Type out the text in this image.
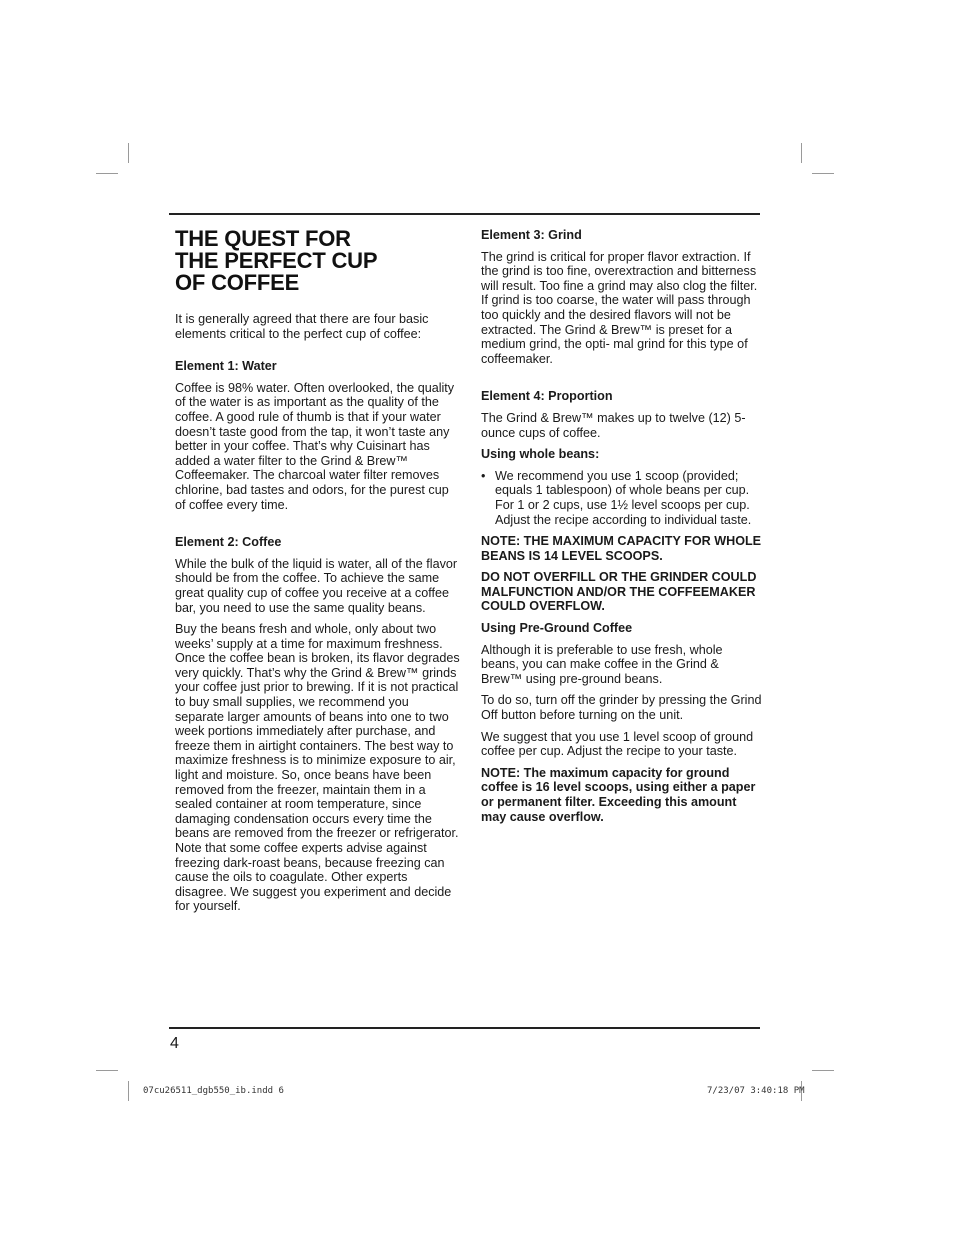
THE QUEST FOR
THE PERFECT CUP
OF COFFEE

It is generally agreed that there are four basic elements critical to the perfect cup of coffee:

Element 1: Water

Coffee is 98% water. Often overlooked, the quality of the water is as important as the quality of the coffee. A good rule of thumb is that if your water doesn’t taste good from the tap, it won’t taste any better in your coffee. That’s why Cuisinart has added a water filter to the Grind & Brew™ Coffeemaker. The charcoal water filter removes chlorine, bad tastes and odors, for the purest cup of coffee every time.

Element 2: Coffee

While the bulk of the liquid is water, all of the flavor should be from the coffee. To achieve the same great quality cup of coffee you receive at a coffee bar, you need to use the same quality beans.

Buy the beans fresh and whole, only about two weeks’ supply at a time for maximum freshness. Once the coffee bean is broken, its flavor degrades very quickly. That’s why the Grind & Brew™ grinds your coffee just prior to brewing. If it is not practical to buy small supplies, we recommend you separate larger amounts of beans into one to two week portions immediately after purchase, and freeze them in airtight containers. The best way to maximize freshness is to minimize exposure to air, light and moisture. So, once beans have been removed from the freezer, maintain them in a sealed container at room temperature, since damaging condensation occurs every time the beans are removed from the freezer or refrigerator. Note that some coffee experts advise against freezing dark-roast beans, because freezing can cause the oils to coagulate. Other experts disagree. We suggest you experiment and decide for yourself.

Element 3: Grind

The grind is critical for proper flavor extraction. If the grind is too fine, overextraction and bitterness will result. Too fine a grind may also clog the filter. If grind is too coarse, the water will pass through too quickly and the desired flavors will not be extracted. The Grind & Brew™ is preset for a medium grind, the opti- mal grind for this type of coffeemaker.

Element 4: Proportion

The Grind & Brew™ makes up to twelve (12) 5-ounce cups of coffee.

Using whole beans:

• We recommend you use 1 scoop (provided; equals 1 tablespoon) of whole beans per cup. For 1 or 2 cups, use 1½ level scoops per cup. Adjust the recipe according to individual taste.

NOTE: THE MAXIMUM CAPACITY FOR WHOLE BEANS IS 14 LEVEL SCOOPS.

DO NOT OVERFILL OR THE GRINDER COULD MALFUNCTION AND/OR THE COFFEEMAKER COULD OVERFLOW.

Using Pre-Ground Coffee

Although it is preferable to use fresh, whole beans, you can make coffee in the Grind & Brew™ using pre-ground beans.

To do so, turn off the grinder by pressing the Grind Off button before turning on the unit.

We suggest that you use 1 level scoop of ground coffee per cup. Adjust the recipe to your taste.

NOTE: The maximum capacity for ground coffee is 16 level scoops, using either a paper or permanent filter. Exceeding this amount may cause overflow.

4
07cu26511_dgb550_ib.indd 6	7/23/07 3:40:18 PM
